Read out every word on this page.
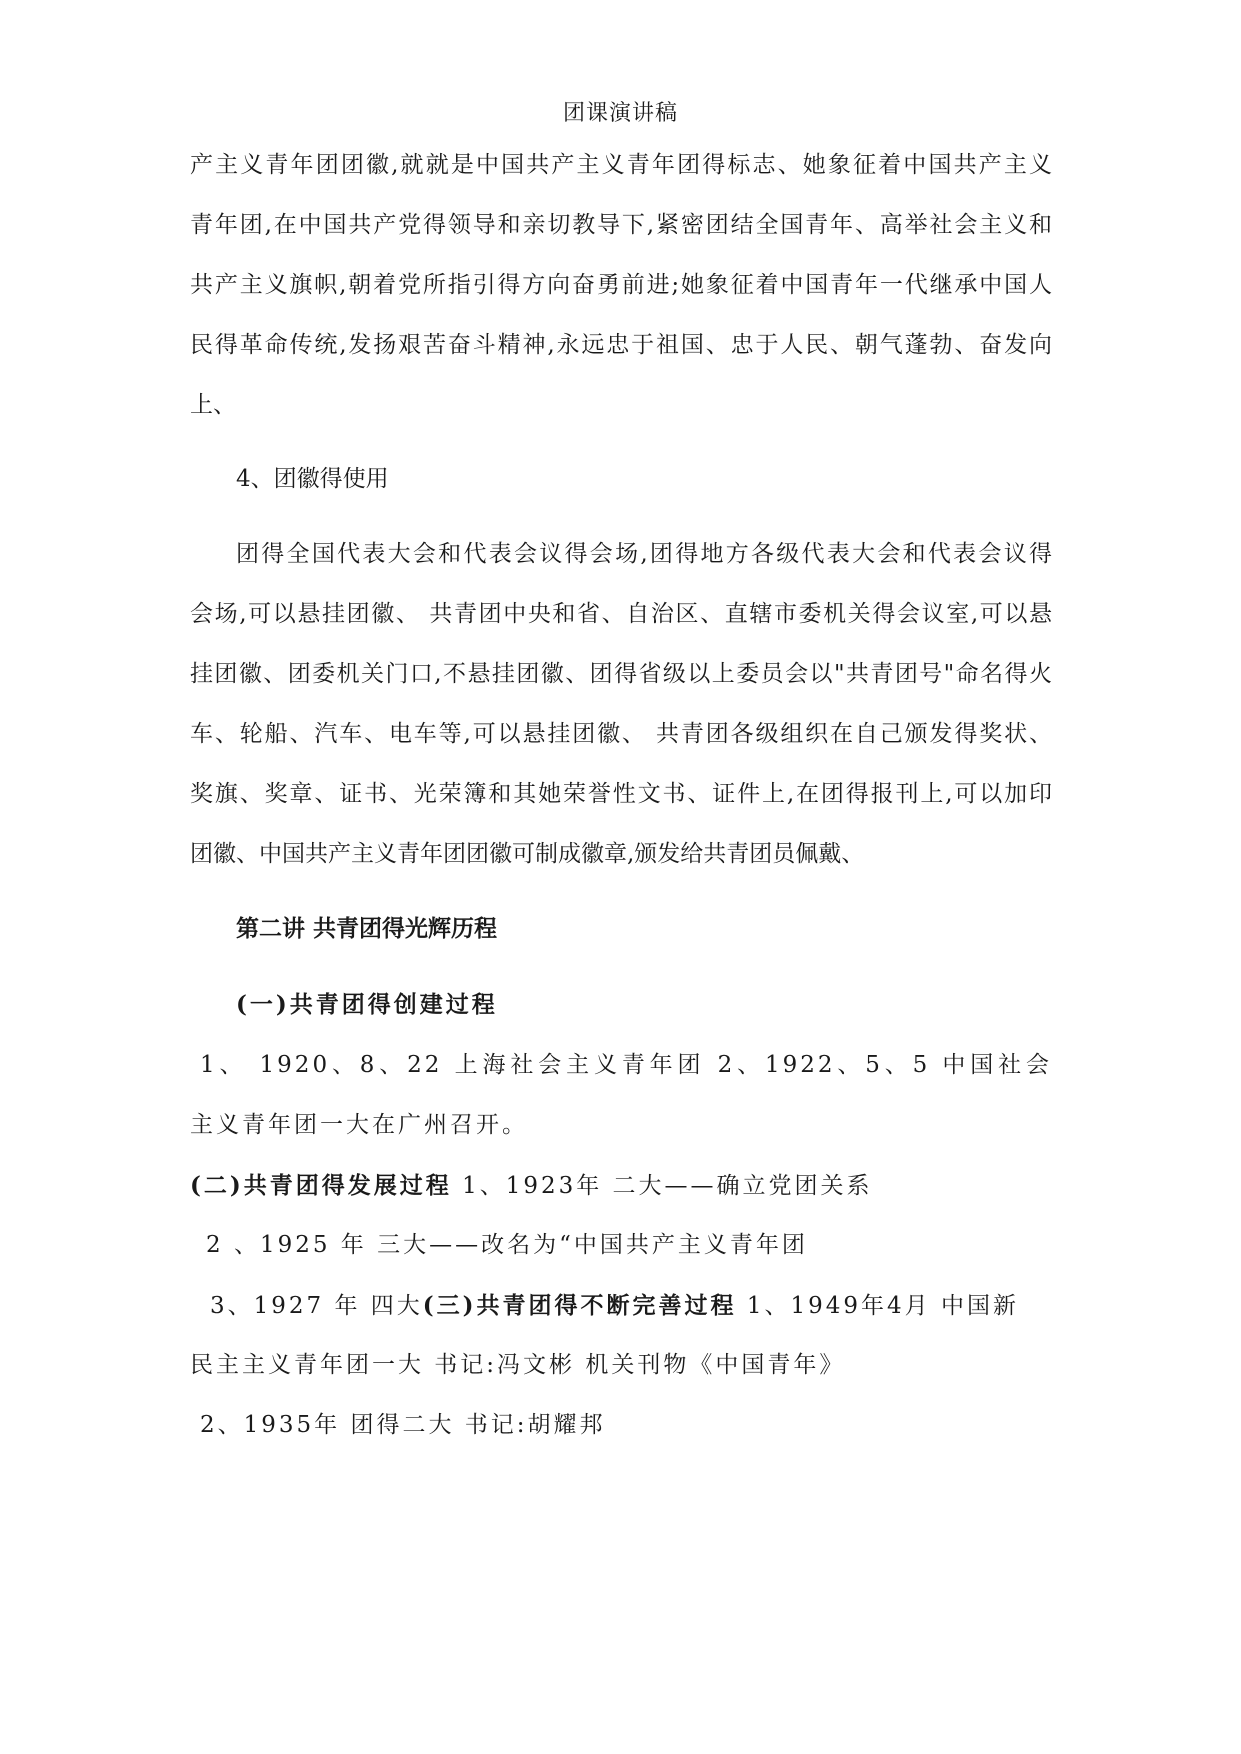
团课演讲稿
产主义青年团团徽,就就是中国共产主义青年团得标志、她象征着中国共产主义
青年团,在中国共产党得领导和亲切教导下,紧密团结全国青年、高举社会主义和
共产主义旗帜,朝着党所指引得方向奋勇前进;她象征着中国青年一代继承中国人
民得革命传统,发扬艰苦奋斗精神,永远忠于祖国、忠于人民、朝气蓬勃、奋发向
上、
4、团徽得使用
团得全国代表大会和代表会议得会场,团得地方各级代表大会和代表会议得
会场,可以悬挂团徽、 共青团中央和省、自治区、直辖市委机关得会议室,可以悬
挂团徽、团委机关门口,不悬挂团徽、团得省级以上委员会以"共青团号"命名得火
车、轮船、汽车、电车等,可以悬挂团徽、 共青团各级组织在自己颁发得奖状、
奖旗、奖章、证书、光荣簿和其她荣誉性文书、证件上,在团得报刊上,可以加印
团徽、中国共产主义青年团团徽可制成徽章,颁发给共青团员佩戴、
第二讲 共青团得光辉历程
(一)共青团得创建过程
1、 1920、8、22 上海社会主义青年团 2、1922、5、5 中国社会
主义青年团一大在广州召开。
(二)共青团得发展过程 1、1923年 二大——确立党团关系
2 、1925 年 三大——改名为“中国共产主义青年团
3、1927 年 四大(三)共青团得不断完善过程 1、1949年4月 中国新
民主主义青年团一大 书记:冯文彬 机关刊物《中国青年》
2、1935年 团得二大 书记:胡耀邦
